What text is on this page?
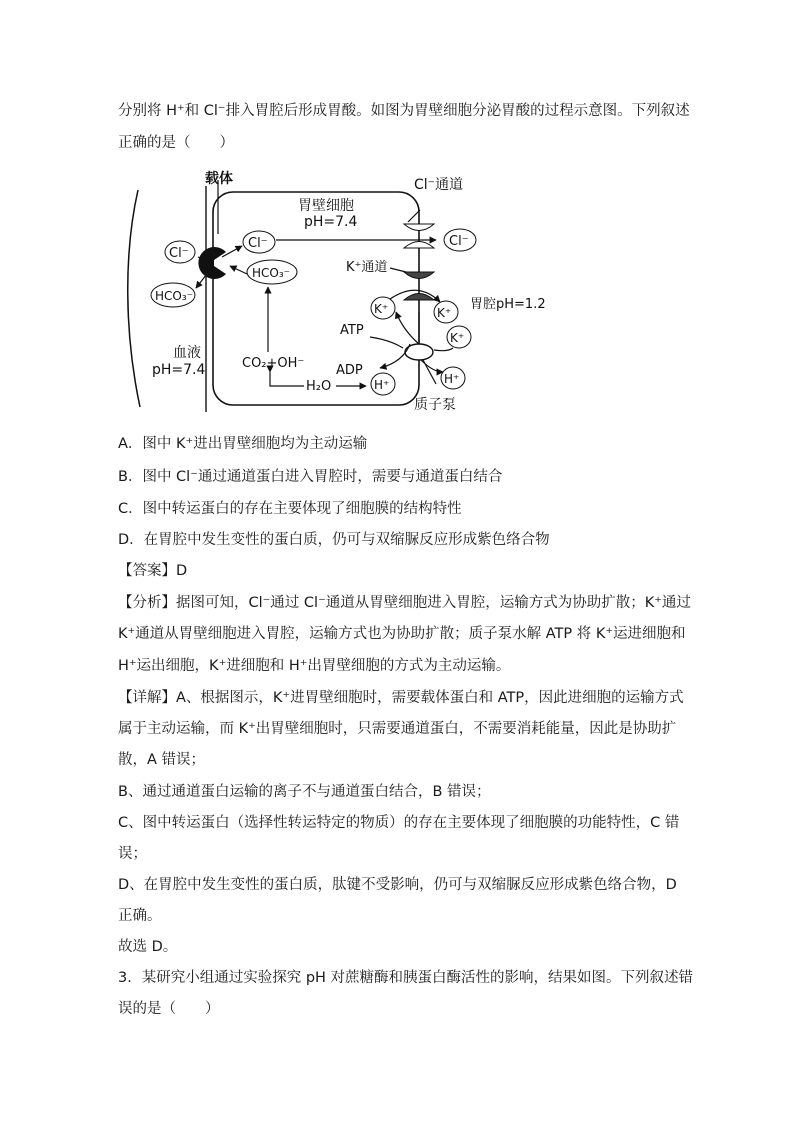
分别将 H⁺和 Cl⁻排入胃腔后形成胃酸。如图为胃壁细胞分泌胃酸的过程示意图。下列叙述
正确的是（　　）
载体
Cl⁻
HCO₃⁻
血液
pH=7.4
Cl⁻
HCO₃⁻
CO₂+OH⁻
H₂O
胃壁细胞
pH=7.4
Cl⁻通道
Cl⁻
K⁺通道
K⁺	K⁺
胃腔pH=1.2
K⁺
ATP
ADP
H⁺	H⁺
质子泵
A．图中 K⁺进出胃壁细胞均为主动运输
B．图中 Cl⁻通过通道蛋白进入胃腔时，需要与通道蛋白结合
C．图中转运蛋白的存在主要体现了细胞膜的结构特性
D．在胃腔中发生变性的蛋白质，仍可与双缩脲反应形成紫色络合物
【答案】D
【分析】据图可知，Cl⁻通过 Cl⁻通道从胃壁细胞进入胃腔，运输方式为协助扩散；K⁺通过
K⁺通道从胃壁细胞进入胃腔，运输方式也为协助扩散；质子泵水解 ATP 将 K⁺运进细胞和
H⁺运出细胞，K⁺进细胞和 H⁺出胃壁细胞的方式为主动运输。
【详解】A、根据图示，K⁺进胃壁细胞时，需要载体蛋白和 ATP，因此进细胞的运输方式
属于主动运输，而 K⁺出胃壁细胞时，只需要通道蛋白，不需要消耗能量，因此是协助扩
散，A 错误；
B、通过通道蛋白运输的离子不与通道蛋白结合，B 错误；
C、图中转运蛋白（选择性转运特定的物质）的存在主要体现了细胞膜的功能特性，C 错
误；
D、在胃腔中发生变性的蛋白质，肽键不受影响，仍可与双缩脲反应形成紫色络合物，D
正确。
故选 D。
3．某研究小组通过实验探究 pH 对蔗糖酶和胰蛋白酶活性的影响，结果如图。下列叙述错
误的是（　　）
